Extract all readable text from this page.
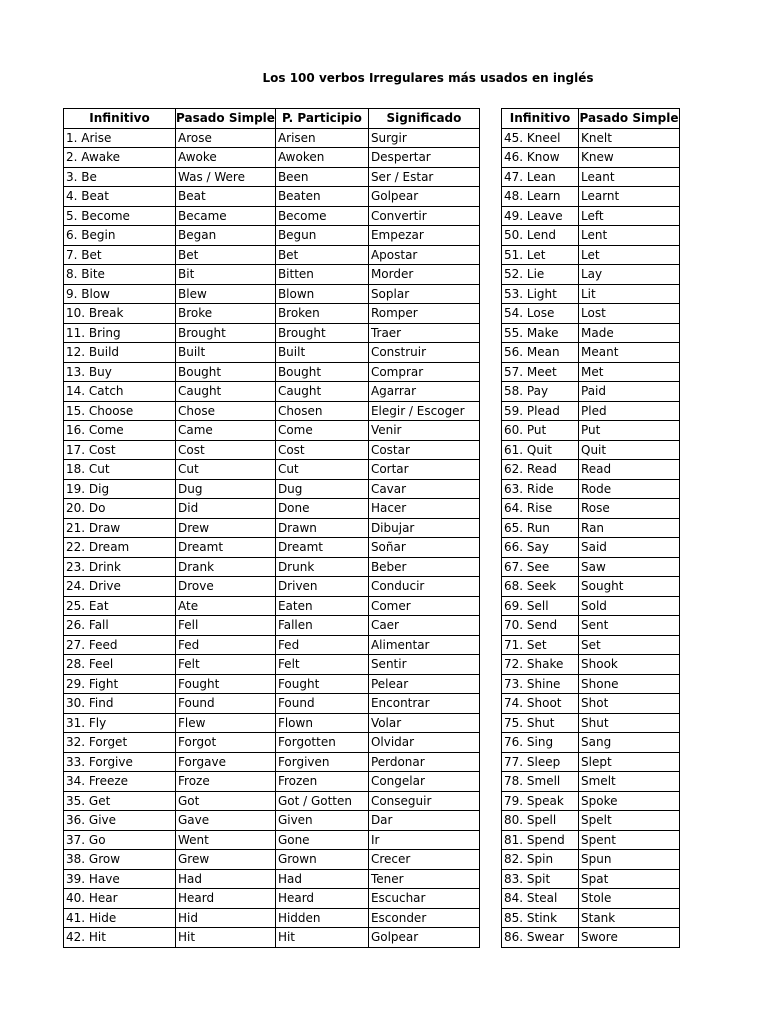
Los 100 verbos Irregulares más usados en inglés
Infinitivo	Pasado Simple	P. Participio	Significado
1. Arise	Arose	Arisen	Surgir
2. Awake	Awoke	Awoken	Despertar
3. Be	Was / Were	Been	Ser / Estar
4. Beat	Beat	Beaten	Golpear
5. Become	Became	Become	Convertir
6. Begin	Began	Begun	Empezar
7. Bet	Bet	Bet	Apostar
8. Bite	Bit	Bitten	Morder
9. Blow	Blew	Blown	Soplar
10. Break	Broke	Broken	Romper
11. Bring	Brought	Brought	Traer
12. Build	Built	Built	Construir
13. Buy	Bought	Bought	Comprar
14. Catch	Caught	Caught	Agarrar
15. Choose	Chose	Chosen	Elegir / Escoger
16. Come	Came	Come	Venir
17. Cost	Cost	Cost	Costar
18. Cut	Cut	Cut	Cortar
19. Dig	Dug	Dug	Cavar
20. Do	Did	Done	Hacer
21. Draw	Drew	Drawn	Dibujar
22. Dream	Dreamt	Dreamt	Soñar
23. Drink	Drank	Drunk	Beber
24. Drive	Drove	Driven	Conducir
25. Eat	Ate	Eaten	Comer
26. Fall	Fell	Fallen	Caer
27. Feed	Fed	Fed	Alimentar
28. Feel	Felt	Felt	Sentir
29. Fight	Fought	Fought	Pelear
30. Find	Found	Found	Encontrar
31. Fly	Flew	Flown	Volar
32. Forget	Forgot	Forgotten	Olvidar
33. Forgive	Forgave	Forgiven	Perdonar
34. Freeze	Froze	Frozen	Congelar
35. Get	Got	Got / Gotten	Conseguir
36. Give	Gave	Given	Dar
37. Go	Went	Gone	Ir
38. Grow	Grew	Grown	Crecer
39. Have	Had	Had	Tener
40. Hear	Heard	Heard	Escuchar
41. Hide	Hid	Hidden	Esconder
42. Hit	Hit	Hit	Golpear
Infinitivo	Pasado Simple
45. Kneel	Knelt
46. Know	Knew
47. Lean	Leant
48. Learn	Learnt
49. Leave	Left
50. Lend	Lent
51. Let	Let
52. Lie	Lay
53. Light	Lit
54. Lose	Lost
55. Make	Made
56. Mean	Meant
57. Meet	Met
58. Pay	Paid
59. Plead	Pled
60. Put	Put
61. Quit	Quit
62. Read	Read
63. Ride	Rode
64. Rise	Rose
65. Run	Ran
66. Say	Said
67. See	Saw
68. Seek	Sought
69. Sell	Sold
70. Send	Sent
71. Set	Set
72. Shake	Shook
73. Shine	Shone
74. Shoot	Shot
75. Shut	Shut
76. Sing	Sang
77. Sleep	Slept
78. Smell	Smelt
79. Speak	Spoke
80. Spell	Spelt
81. Spend	Spent
82. Spin	Spun
83. Spit	Spat
84. Steal	Stole
85. Stink	Stank
86. Swear	Swore
